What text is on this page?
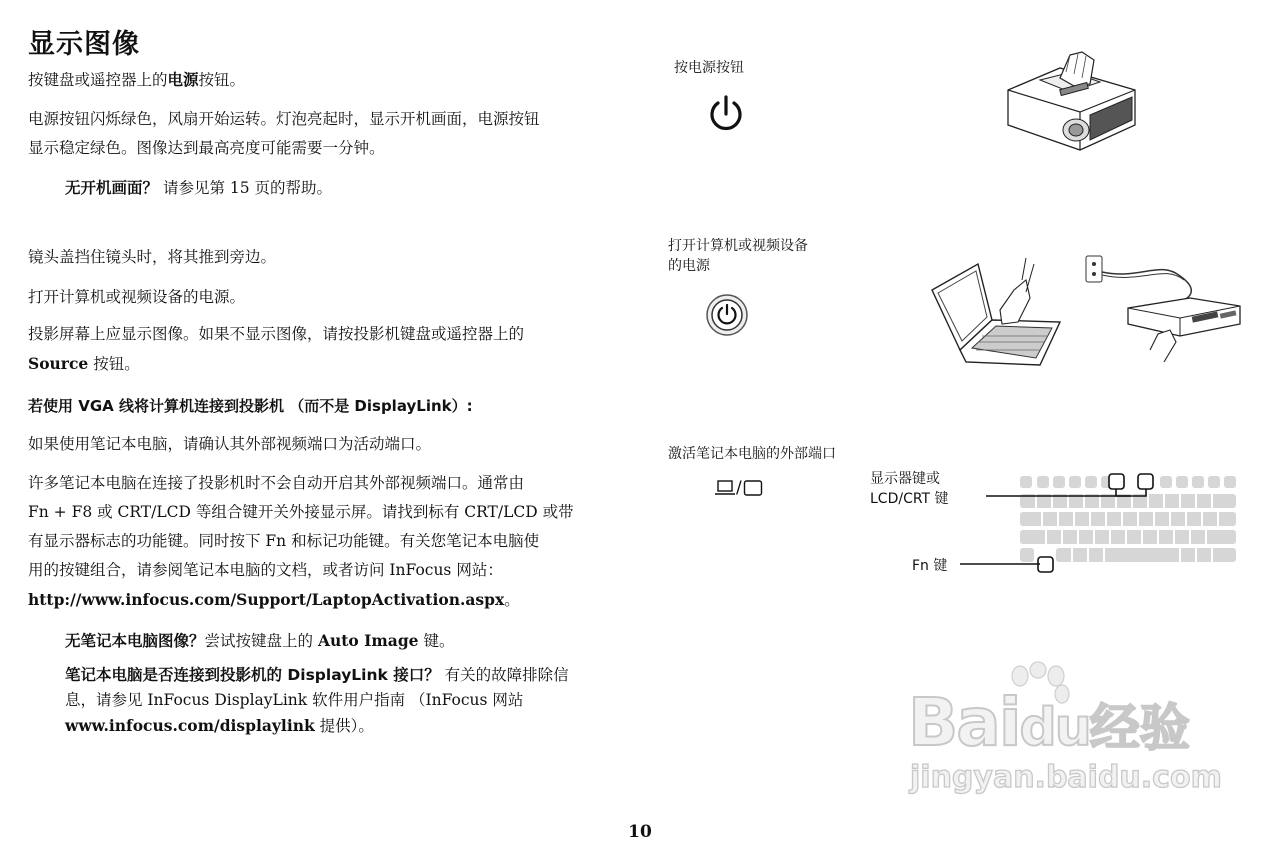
显示图像

按键盘或遥控器上的电源按钮。

电源按钮闪烁绿色，风扇开始运转。灯泡亮起时，显示开机画面，电源按钮
显示稳定绿色。图像达到最高亮度可能需要一分钟。

无开机画面？ 请参见第 15 页的帮助。

镜头盖挡住镜头时，将其推到旁边。

打开计算机或视频设备的电源。

投影屏幕上应显示图像。如果不显示图像，请按投影机键盘或遥控器上的
Source 按钮。

若使用 VGA 线将计算机连接到投影机 （而不是 DisplayLink）:

如果使用笔记本电脑，请确认其外部视频端口为活动端口。

许多笔记本电脑在连接了投影机时不会自动开启其外部视频端口。通常由
Fn + F8 或 CRT/LCD 等组合键开关外接显示屏。请找到标有 CRT/LCD 或带
有显示器标志的功能键。同时按下 Fn 和标记功能键。有关您笔记本电脑使
用的按键组合，请参阅笔记本电脑的文档，或者访问 InFocus 网站：
http://www.infocus.com/Support/LaptopActivation.aspx。

无笔记本电脑图像？尝试按键盘上的 Auto Image 键。

笔记本电脑是否连接到投影机的 DisplayLink 接口？ 有关的故障排除信
息，请参见 InFocus DisplayLink 软件用户指南 （InFocus 网站
www.infocus.com/displaylink 提供）。

按电源按钮
打开计算机或视频设备
的电源
激活笔记本电脑的外部端口
/	显示器键或
LCD/CRT 键
Fn 键
Baidu经验
jingyan.baidu.com
10
